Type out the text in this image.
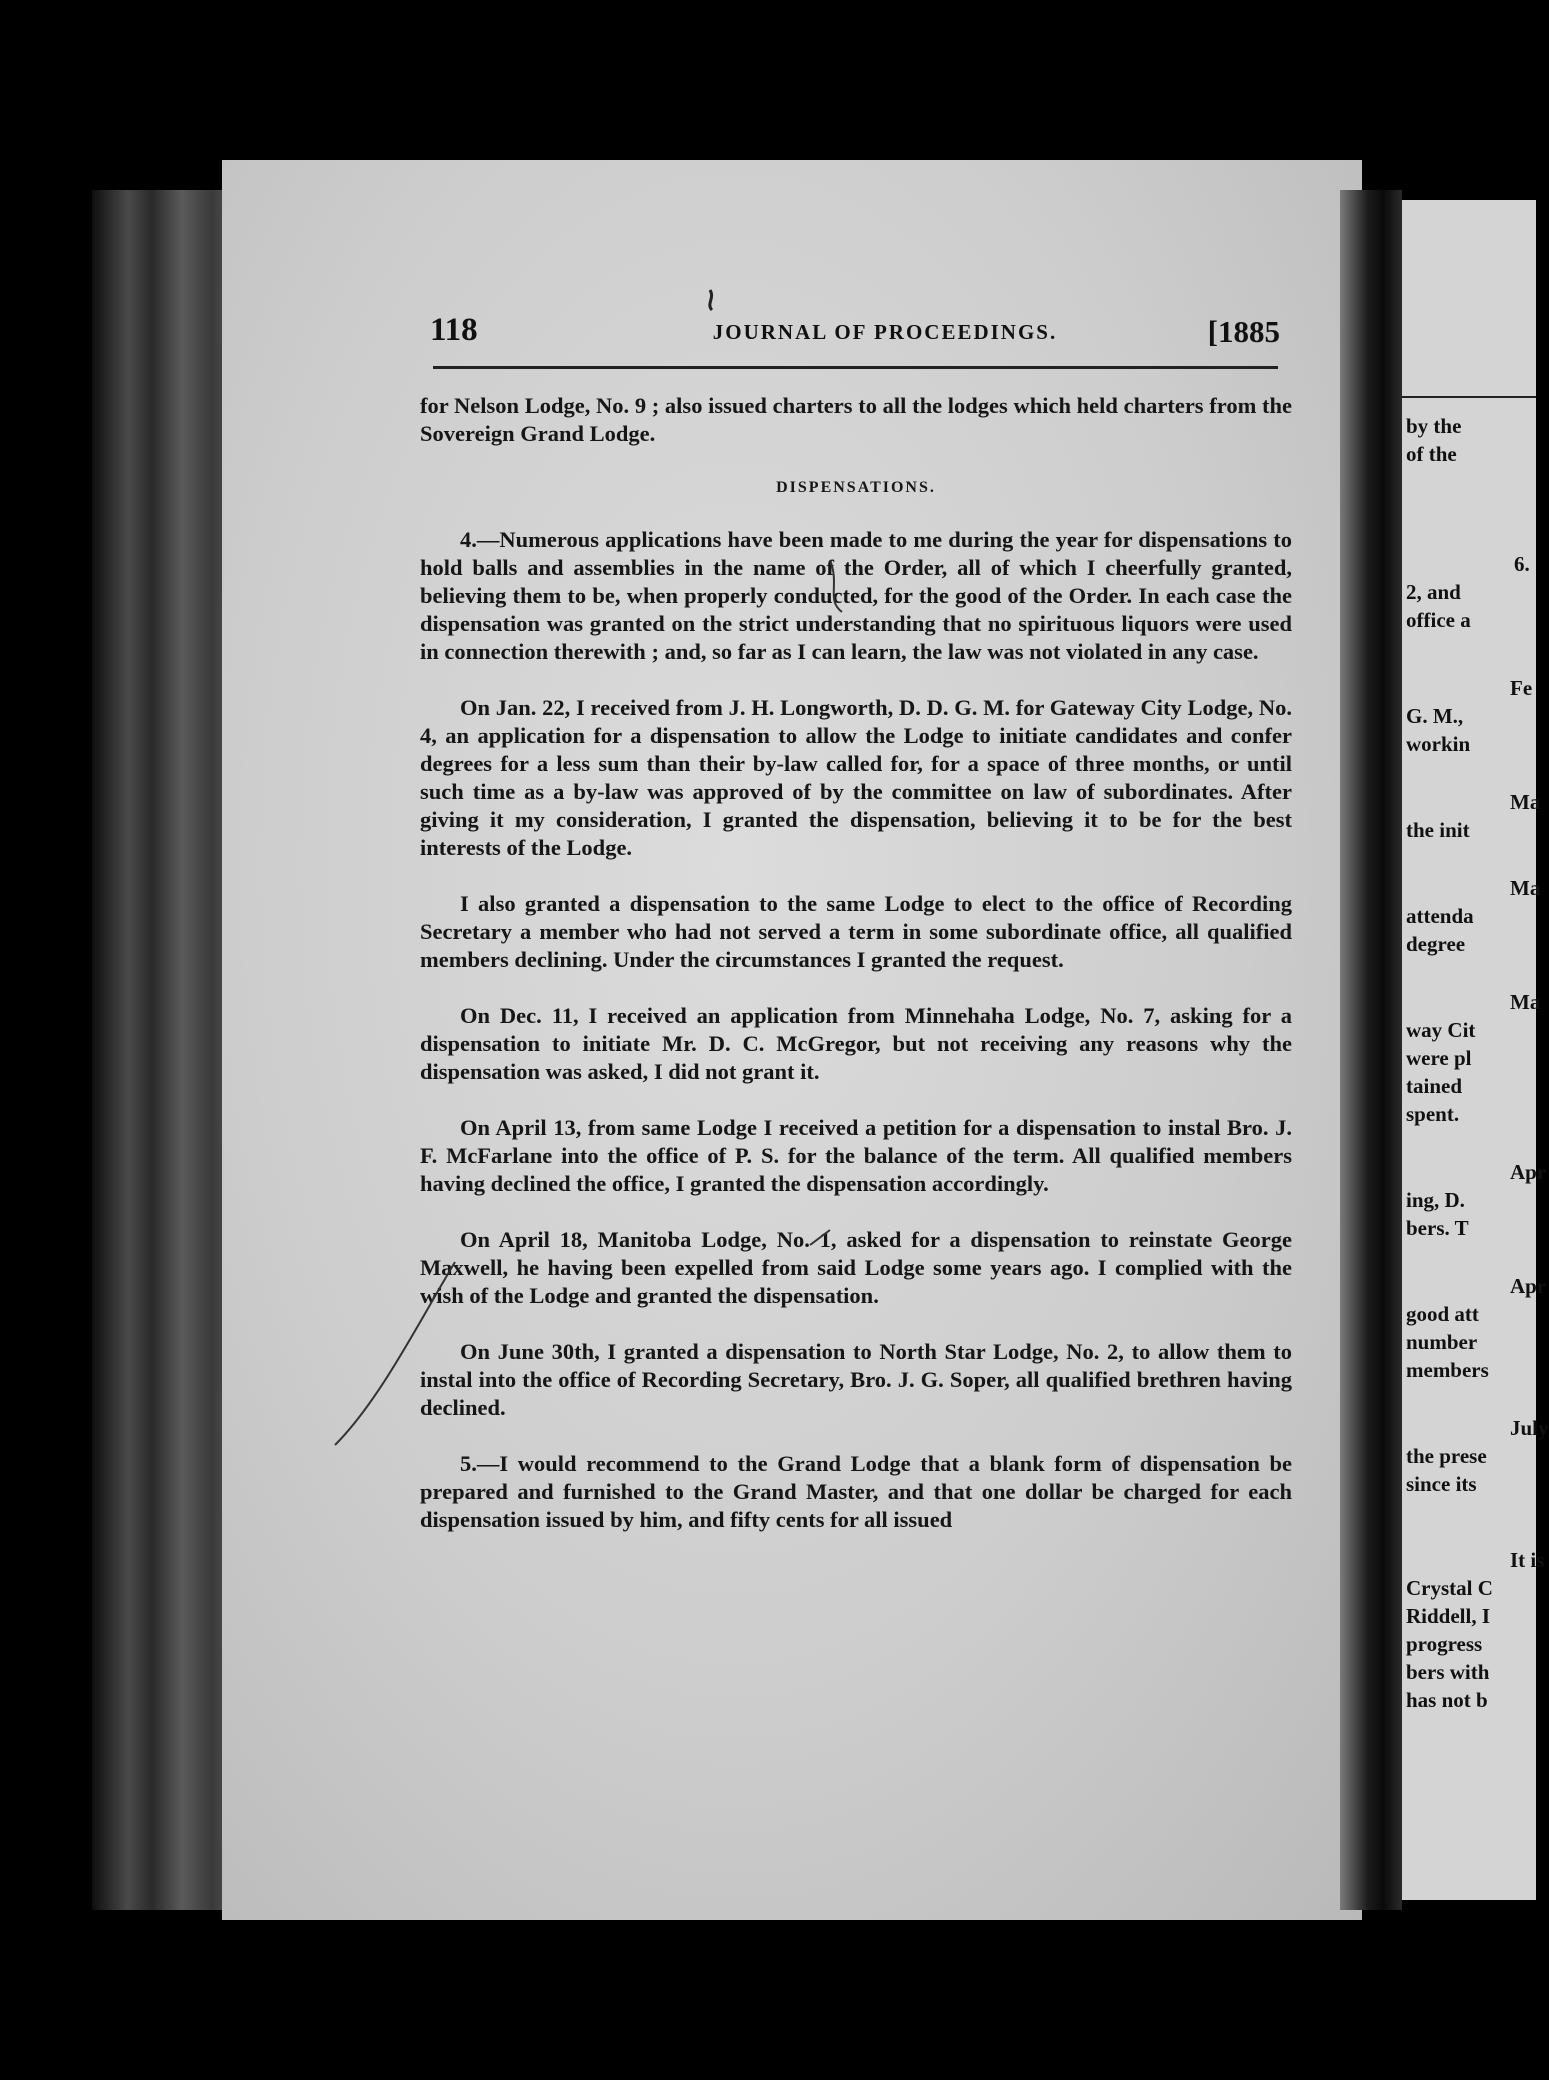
by the
of the
6.
2, and
office a
Fe
G. M.,
workin
Ma
the init
Ma
attenda
degree
Ma
way Cit
were pl
tained
spent.
Apr
ing, D.
bers. T
Apr
good att
number
members
July
the prese
since its
It is
Crystal C
Riddell, I
progress
bers with
has not b
118	JOURNAL OF PROCEEDINGS.	[1885

for Nelson Lodge, No. 9 ; also issued charters to all the lodges which held charters from the Sovereign Grand Lodge.

DISPENSATIONS.

4.—Numerous applications have been made to me during the year for dispensations to hold balls and assemblies in the name of the Order, all of which I cheerfully granted, believing them to be, when properly conducted, for the good of the Order. In each case the dispensation was granted on the strict understanding that no spirituous liquors were used in connection therewith ; and, so far as I can learn, the law was not violated in any case.

On Jan. 22, I received from J. H. Longworth, D. D. G. M. for Gateway City Lodge, No. 4, an application for a dispensation to allow the Lodge to initiate candidates and confer degrees for a less sum than their by-law called for, for a space of three months, or until such time as a by-law was approved of by the committee on law of subordinates. After giving it my consideration, I granted the dispensation, believing it to be for the best interests of the Lodge.

I also granted a dispensation to the same Lodge to elect to the office of Recording Secretary a member who had not served a term in some subordinate office, all qualified members declining. Under the circumstances I granted the request.

On Dec. 11, I received an application from Minnehaha Lodge, No. 7, asking for a dispensation to initiate Mr. D. C. McGregor, but not receiving any reasons why the dispensation was asked, I did not grant it.

On April 13, from same Lodge I received a petition for a dispensation to instal Bro. J. F. McFarlane into the office of P. S. for the balance of the term. All qualified members having declined the office, I granted the dispensation accordingly.

On April 18, Manitoba Lodge, No. 1, asked for a dispensation to reinstate George Maxwell, he having been expelled from said Lodge some years ago. I complied with the wish of the Lodge and granted the dispensation.

On June 30th, I granted a dispensation to North Star Lodge, No. 2, to allow them to instal into the office of Recording Secretary, Bro. J. G. Soper, all qualified brethren having declined.

5.—I would recommend to the Grand Lodge that a blank form of dispensation be prepared and furnished to the Grand Master, and that one dollar be charged for each dispensation issued by him, and fifty cents for all issued
